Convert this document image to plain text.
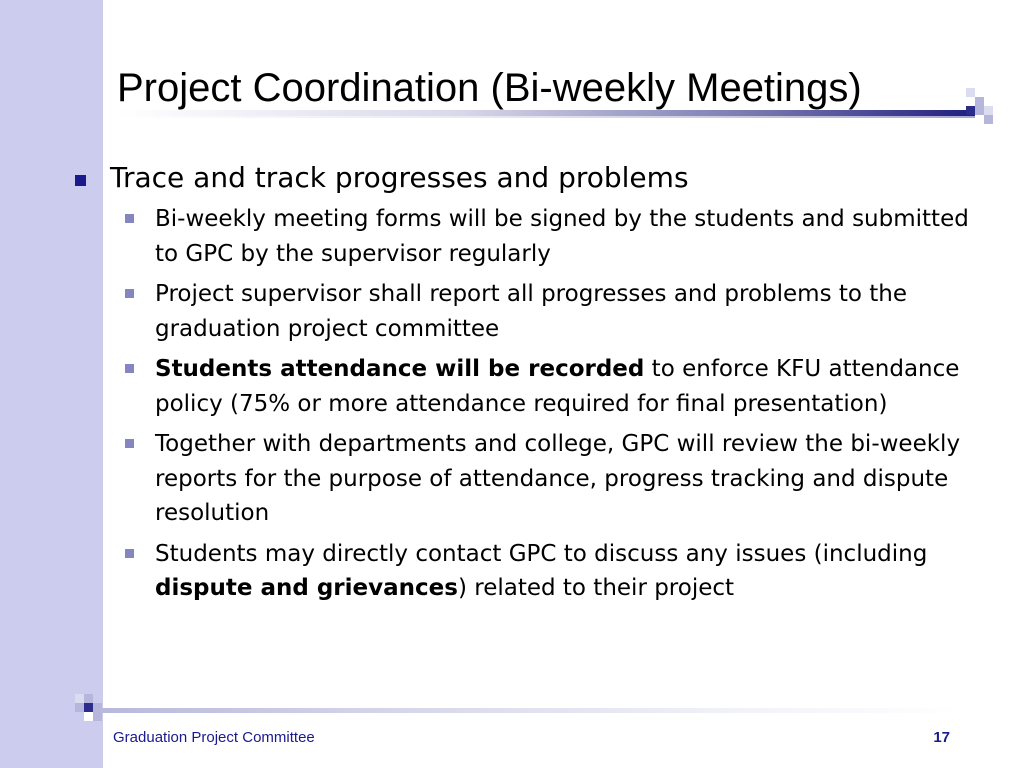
Project Coordination (Bi-weekly Meetings)
Trace and track progresses and problems
Bi-weekly meeting forms will be signed by the students and submitted to GPC by the supervisor regularly
Project supervisor shall report all progresses and problems to the graduation project committee
Students attendance will be recorded to enforce KFU attendance policy (75% or more attendance required for final presentation)
Together with departments and college, GPC will review the bi-weekly reports for the purpose of attendance, progress tracking and dispute resolution
Students may directly contact GPC to discuss any issues (including dispute and grievances) related to their project
Graduation Project Committee	17
